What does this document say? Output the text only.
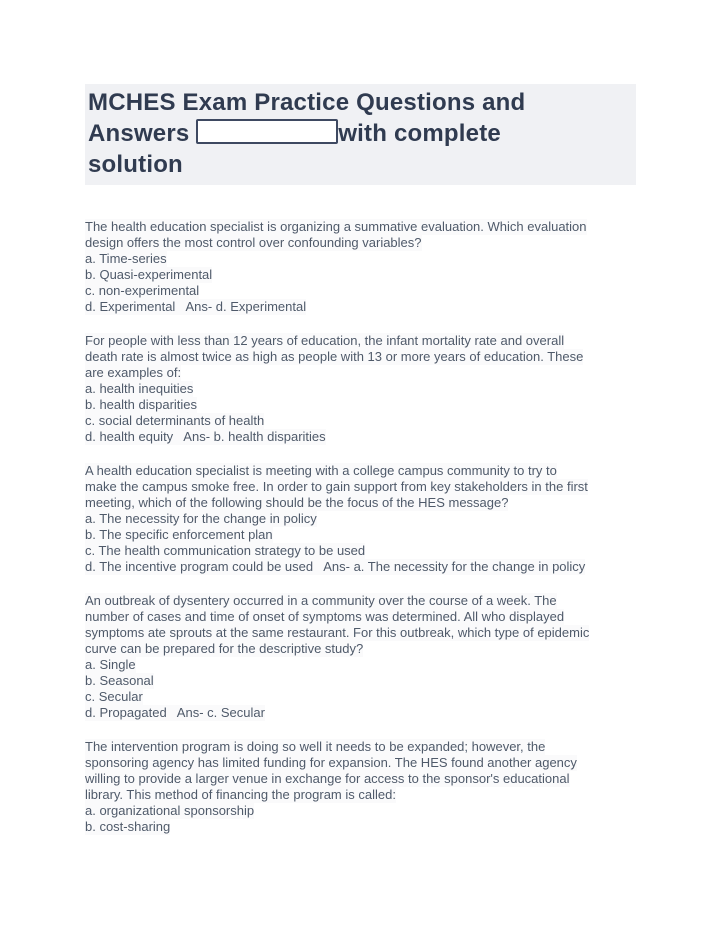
MCHES Exam Practice Questions and
Answers	with complete
solution
The health education specialist is organizing a summative evaluation. Which evaluation
design offers the most control over confounding variables?
a. Time-series
b. Quasi-experimental
c. non-experimental
d. Experimental   Ans- d. Experimental
For people with less than 12 years of education, the infant mortality rate and overall
death rate is almost twice as high as people with 13 or more years of education. These
are examples of:
a. health inequities
b. health disparities
c. social determinants of health
d. health equity   Ans- b. health disparities
A health education specialist is meeting with a college campus community to try to
make the campus smoke free. In order to gain support from key stakeholders in the first
meeting, which of the following should be the focus of the HES message?
a. The necessity for the change in policy
b. The specific enforcement plan
c. The health communication strategy to be used
d. The incentive program could be used   Ans- a. The necessity for the change in policy
An outbreak of dysentery occurred in a community over the course of a week. The
number of cases and time of onset of symptoms was determined. All who displayed
symptoms ate sprouts at the same restaurant. For this outbreak, which type of epidemic
curve can be prepared for the descriptive study?
a. Single
b. Seasonal
c. Secular
d. Propagated   Ans- c. Secular
The intervention program is doing so well it needs to be expanded; however, the
sponsoring agency has limited funding for expansion. The HES found another agency
willing to provide a larger venue in exchange for access to the sponsor's educational
library. This method of financing the program is called:
a. organizational sponsorship
b. cost-sharing
